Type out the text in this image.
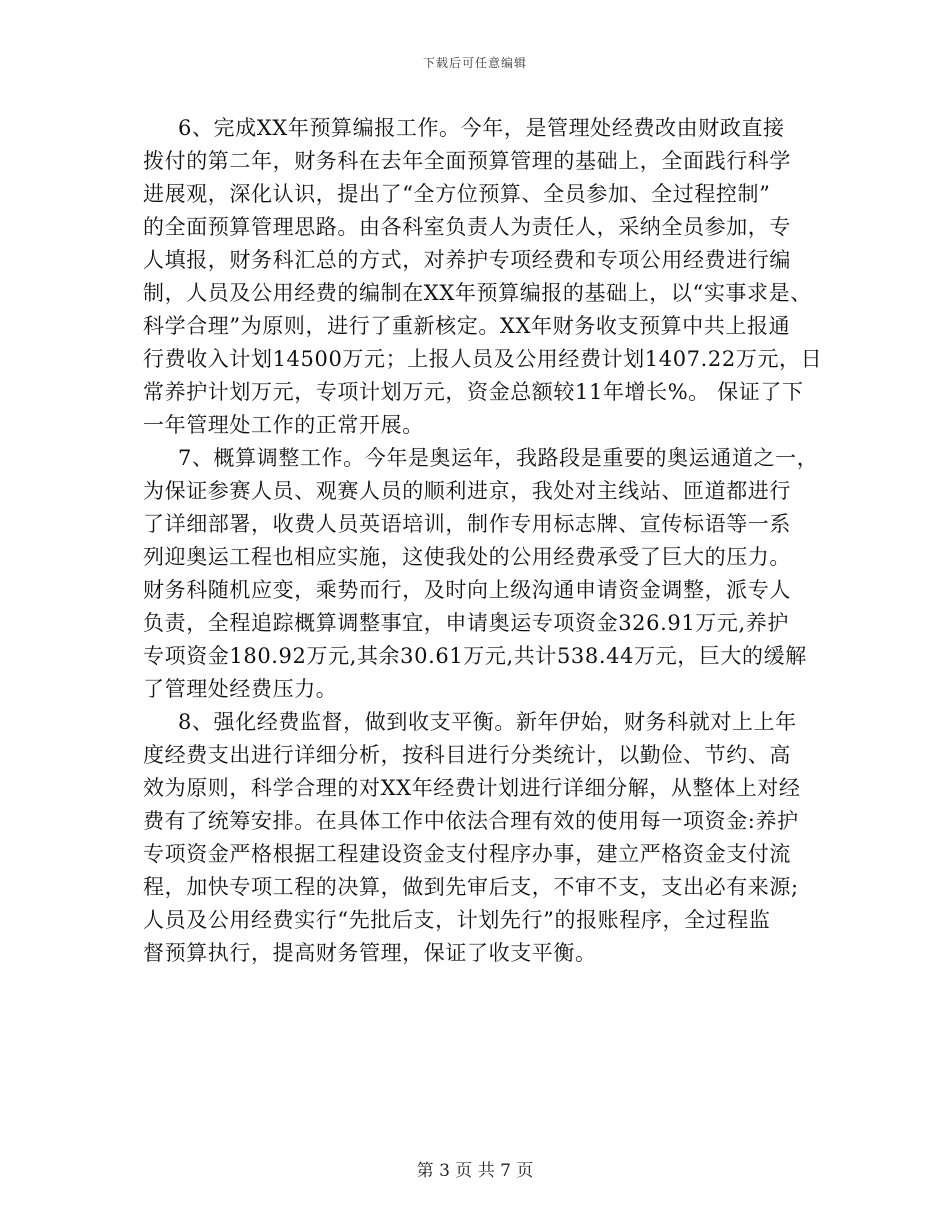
下载后可任意编辑
6、完成XX年预算编报工作。今年，是管理处经费改由财政直接
拨付的第二年，财务科在去年全面预算管理的基础上，全面践行科学
进展观，深化认识，提出了“全方位预算、全员参加、全过程控制”
的全面预算管理思路。由各科室负责人为责任人，采纳全员参加，专
人填报，财务科汇总的方式，对养护专项经费和专项公用经费进行编
制，人员及公用经费的编制在XX年预算编报的基础上，以“实事求是、
科学合理”为原则，进行了重新核定。XX年财务收支预算中共上报通
行费收入计划14500万元；上报人员及公用经费计划1407.22万元，日
常养护计划万元，专项计划万元，资金总额较11年增长%。 保证了下
一年管理处工作的正常开展。
7、概算调整工作。今年是奥运年，我路段是重要的奥运通道之一，
为保证参赛人员、观赛人员的顺利进京，我处对主线站、匝道都进行
了详细部署，收费人员英语培训，制作专用标志牌、宣传标语等一系
列迎奥运工程也相应实施，这使我处的公用经费承受了巨大的压力。
财务科随机应变，乘势而行，及时向上级沟通申请资金调整，派专人
负责，全程追踪概算调整事宜，申请奥运专项资金326.91万元,养护
专项资金180.92万元,其余30.61万元,共计538.44万元，巨大的缓解
了管理处经费压力。
8、强化经费监督，做到收支平衡。新年伊始，财务科就对上上年
度经费支出进行详细分析，按科目进行分类统计，以勤俭、节约、高
效为原则，科学合理的对XX年经费计划进行详细分解，从整体上对经
费有了统筹安排。在具体工作中依法合理有效的使用每一项资金:养护
专项资金严格根据工程建设资金支付程序办事，建立严格资金支付流
程，加快专项工程的决算，做到先审后支，不审不支，支出必有来源;
人员及公用经费实行“先批后支，计划先行”的报账程序，全过程监
督预算执行，提高财务管理，保证了收支平衡。
第 3 页 共 7 页
